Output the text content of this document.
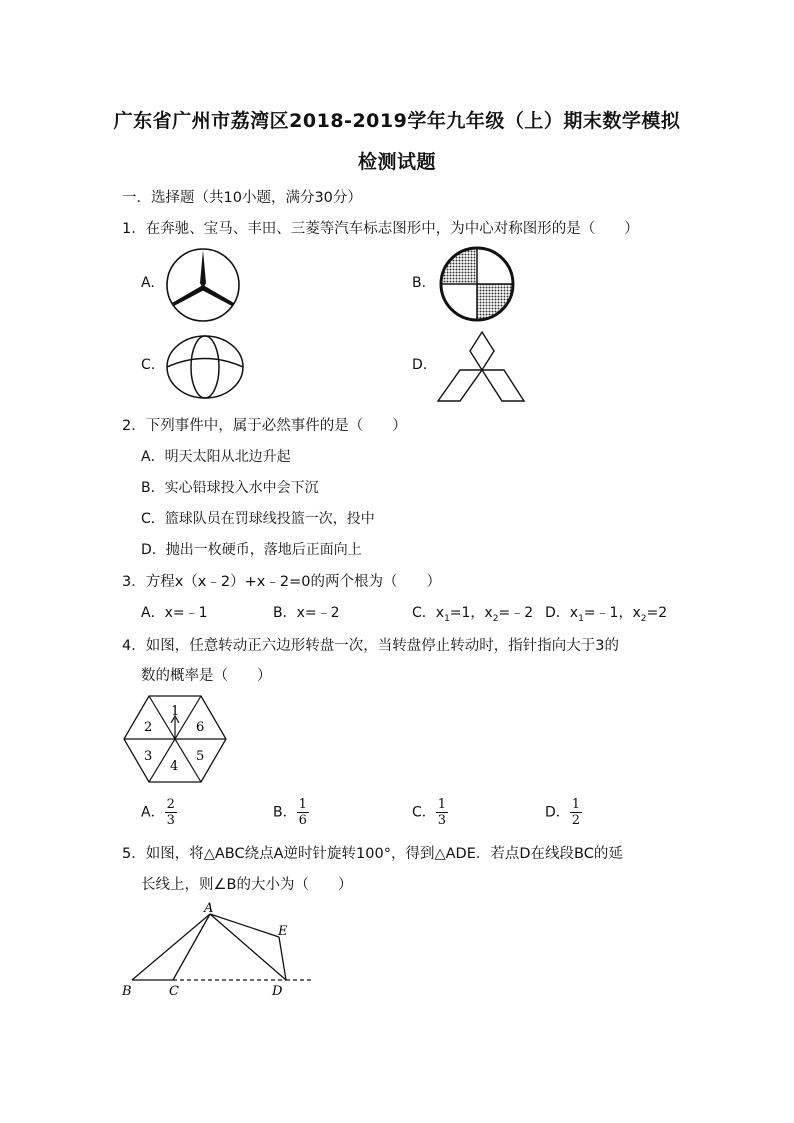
广东省广州市荔湾区2018-2019学年九年级（上）期末数学模拟
检测试题
一．选择题（共10小题，满分30分）
1．在奔驰、宝马、丰田、三菱等汽车标志图形中，为中心对称图形的是（　　）
A.	B.
C.	D.
2．下列事件中，属于必然事件的是（　　）
A．明天太阳从北边升起
B．实心铅球投入水中会下沉
C．篮球队员在罚球线投篮一次，投中
D．抛出一枚硬币，落地后正面向上
3．方程x（x﹣2）+x﹣2=0的两个根为（　　）
A．x=﹣1	B．x=﹣2	C．$x_1=1$，$x_2=﹣2$ D．$x_1=﹣1$，$x_2=2$
4．如图，任意转动正六边形转盘一次，当转盘停止转动时，指针指向大于3的
数的概率是（　　）
1
6
5
4
3
2
A． $\frac{2}{3}$	B． $\frac{1}{6}$	C． $\frac{1}{3}$	D． $\frac{1}{2}$
5．如图，将△ABC绕点A逆时针旋转100°，得到△ADE．若点D在线段BC的延
长线上，则∠B的大小为（　　）
A
B	C	D
E
